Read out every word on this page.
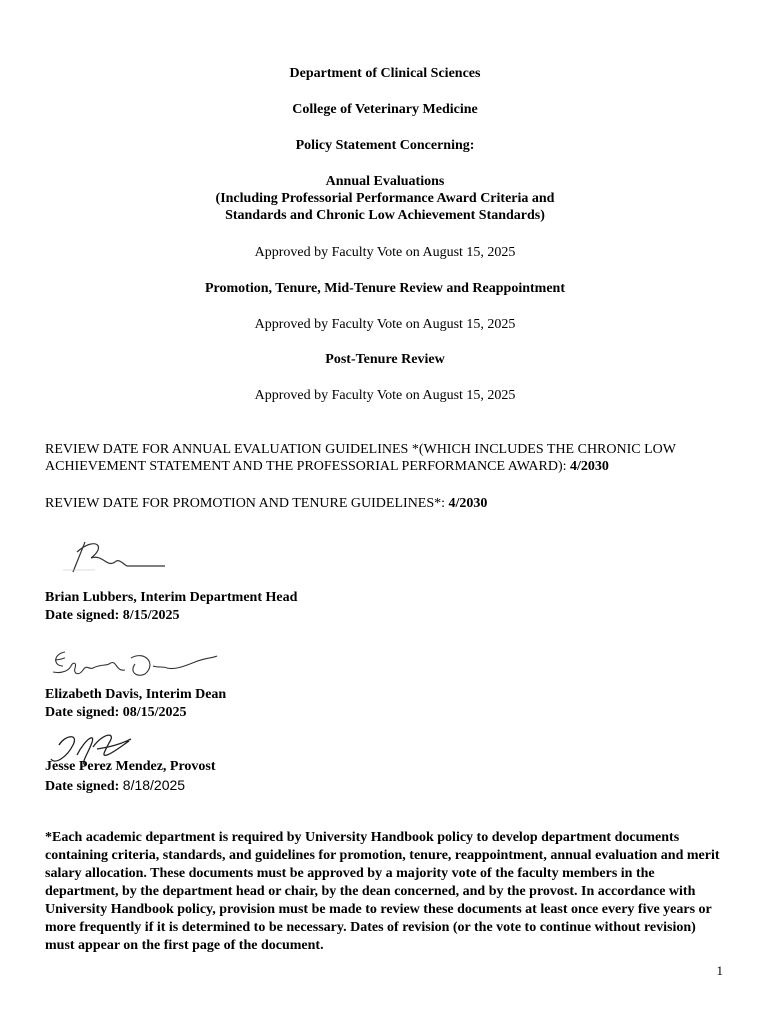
Department of Clinical Sciences
College of Veterinary Medicine
Policy Statement Concerning:
Annual Evaluations
(Including Professorial Performance Award Criteria and
Standards and Chronic Low Achievement Standards)
Approved by Faculty Vote on August 15, 2025
Promotion, Tenure, Mid-Tenure Review and Reappointment
Approved by Faculty Vote on August 15, 2025
Post-Tenure Review
Approved by Faculty Vote on August 15, 2025
REVIEW DATE FOR ANNUAL EVALUATION GUIDELINES *(WHICH INCLUDES THE CHRONIC LOW ACHIEVEMENT STATEMENT AND THE PROFESSORIAL PERFORMANCE AWARD): 4/2030
REVIEW DATE FOR PROMOTION AND TENURE GUIDELINES*: 4/2030
Brian Lubbers, Interim Department Head
Date signed: 8/15/2025
Elizabeth Davis, Interim Dean
Date signed: 08/15/2025
Jesse Perez Mendez, Provost
Date signed: 8/18/2025
*Each academic department is required by University Handbook policy to develop department documents containing criteria, standards, and guidelines for promotion, tenure, reappointment, annual evaluation and merit salary allocation. These documents must be approved by a majority vote of the faculty members in the department, by the department head or chair, by the dean concerned, and by the provost. In accordance with University Handbook policy, provision must be made to review these documents at least once every five years or more frequently if it is determined to be necessary. Dates of revision (or the vote to continue without revision) must appear on the first page of the document.
1
